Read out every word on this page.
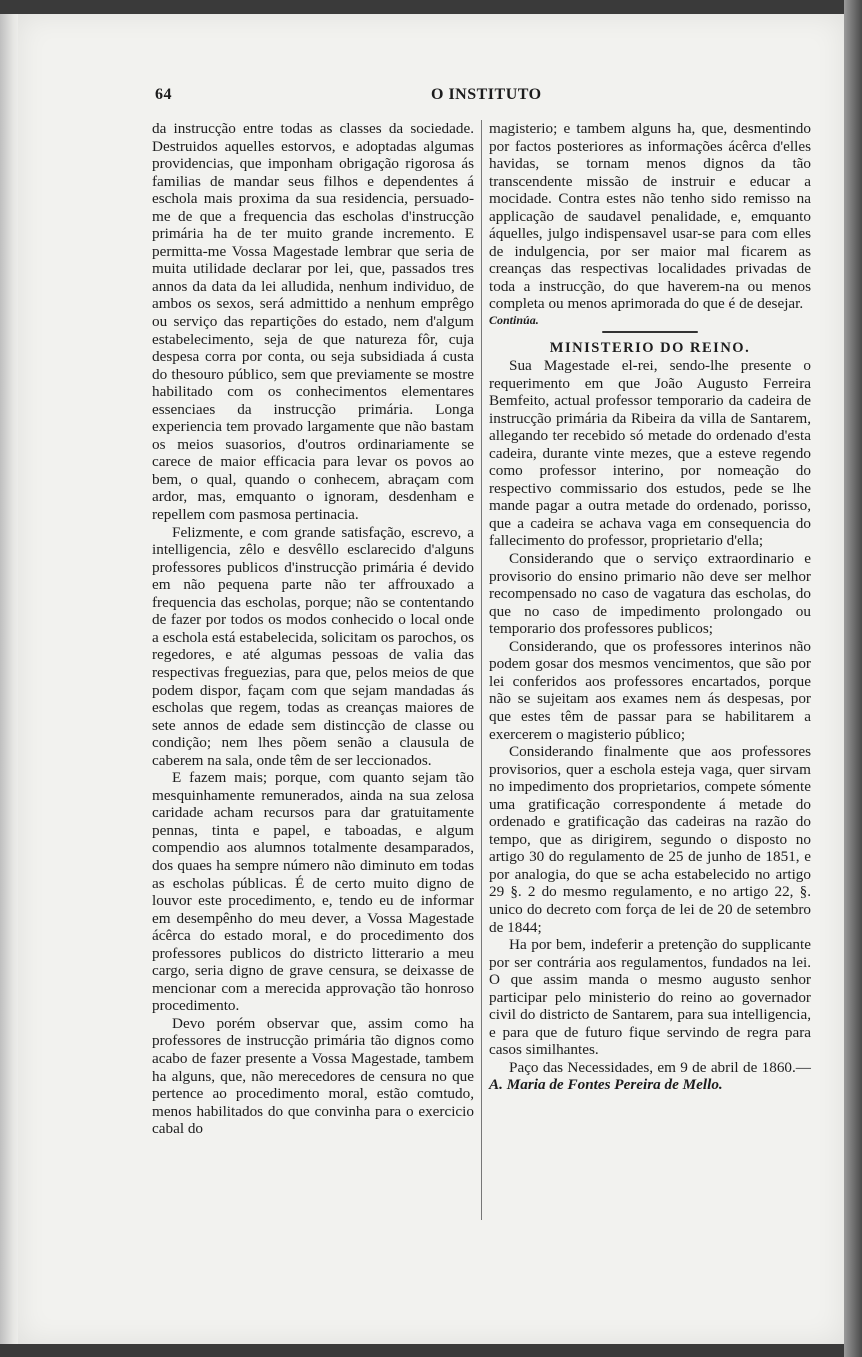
64	O INSTITUTO

da instrucção entre todas as classes da sociedade. Destruidos aquelles estorvos, e adoptadas algumas providencias, que imponham obrigação rigorosa ás familias de mandar seus filhos e dependentes á eschola mais proxima da sua residencia, persuado-me de que a frequencia das escholas d'instrucção primária ha de ter muito grande incremento. E permitta-me Vossa Magestade lembrar que seria de muita utilidade declarar por lei, que, passados tres annos da data da lei alludida, nenhum individuo, de ambos os sexos, será admittido a nenhum emprêgo ou serviço das repartições do estado, nem d'algum estabelecimento, seja de que natureza fôr, cuja despesa corra por conta, ou seja subsidiada á custa do thesouro público, sem que previamente se mostre habilitado com os conhecimentos elementares essenciaes da instrucção primária. Longa experiencia tem provado largamente que não bastam os meios suasorios, d'outros ordinariamente se carece de maior efficacia para levar os povos ao bem, o qual, quando o conhecem, abraçam com ardor, mas, emquanto o ignoram, desdenham e repellem com pasmosa pertinacia.

Felizmente, e com grande satisfação, escrevo, a intelligencia, zêlo e desvêllo esclarecido d'alguns professores publicos d'instrucção primária é devido em não pequena parte não ter affrouxado a frequencia das escholas, porque; não se contentando de fazer por todos os modos conhecido o local onde a eschola está estabelecida, solicitam os parochos, os regedores, e até algumas pessoas de valia das respectivas freguezias, para que, pelos meios de que podem dispor, façam com que sejam mandadas ás escholas que regem, todas as creanças maiores de sete annos de edade sem distincção de classe ou condição; nem lhes põem senão a clausula de caberem na sala, onde têm de ser leccionados.

E fazem mais; porque, com quanto sejam tão mesquinhamente remunerados, ainda na sua zelosa caridade acham recursos para dar gratuitamente pennas, tinta e papel, e taboadas, e algum compendio aos alumnos totalmente desamparados, dos quaes ha sempre número não diminuto em todas as escholas públicas. É de certo muito digno de louvor este procedimento, e, tendo eu de informar em desempênho do meu dever, a Vossa Magestade ácêrca do estado moral, e do procedimento dos professores publicos do districto litterario a meu cargo, seria digno de grave censura, se deixasse de mencionar com a merecida approvação tão honroso procedimento.

Devo porém observar que, assim como ha professores de instrucção primária tão dignos como acabo de fazer presente a Vossa Magestade, tambem ha alguns, que, não merecedores de censura no que pertence ao procedimento moral, estão comtudo, menos habilitados do que convinha para o exercicio cabal do

magisterio; e tambem alguns ha, que, desmentindo por factos posteriores as informações ácêrca d'elles havidas, se tornam menos dignos da tão transcendente missão de instruir e educar a mocidade. Contra estes não tenho sido remisso na applicação de saudavel penalidade, e, emquanto áquelles, julgo indispensavel usar-se para com elles de indulgencia, por ser maior mal ficarem as creanças das respectivas localidades privadas de toda a instrucção, do que haverem-na ou menos completa ou menos aprimorada do que é de desejar.

Continúa.

MINISTERIO DO REINO.

Sua Magestade el-rei, sendo-lhe presente o requerimento em que João Augusto Ferreira Bemfeito, actual professor temporario da cadeira de instrucção primária da Ribeira da villa de Santarem, allegando ter recebido só metade do ordenado d'esta cadeira, durante vinte mezes, que a esteve regendo como professor interino, por nomeação do respectivo commissario dos estudos, pede se lhe mande pagar a outra metade do ordenado, porisso, que a cadeira se achava vaga em consequencia do fallecimento do professor, proprietario d'ella;

Considerando que o serviço extraordinario e provisorio do ensino primario não deve ser melhor recompensado no caso de vagatura das escholas, do que no caso de impedimento prolongado ou temporario dos professores publicos;

Considerando, que os professores interinos não podem gosar dos mesmos vencimentos, que são por lei conferidos aos professores encartados, porque não se sujeitam aos exames nem ás despesas, por que estes têm de passar para se habilitarem a exercerem o magisterio público;

Considerando finalmente que aos professores provisorios, quer a eschola esteja vaga, quer sirvam no impedimento dos proprietarios, compete sómente uma gratificação correspondente á metade do ordenado e gratificação das cadeiras na razão do tempo, que as dirigirem, segundo o disposto no artigo 30 do regulamento de 25 de junho de 1851, e por analogia, do que se acha estabelecido no artigo 29 §. 2 do mesmo regulamento, e no artigo 22, §. unico do decreto com força de lei de 20 de setembro de 1844;

Ha por bem, indeferir a pretenção do supplicante por ser contrária aos regulamentos, fundados na lei. O que assim manda o mesmo augusto senhor participar pelo ministerio do reino ao governador civil do districto de Santarem, para sua intelligencia, e para que de futuro fique servindo de regra para casos similhantes.

Paço das Necessidades, em 9 de abril de 1860.—A. Maria de Fontes Pereira de Mello.
